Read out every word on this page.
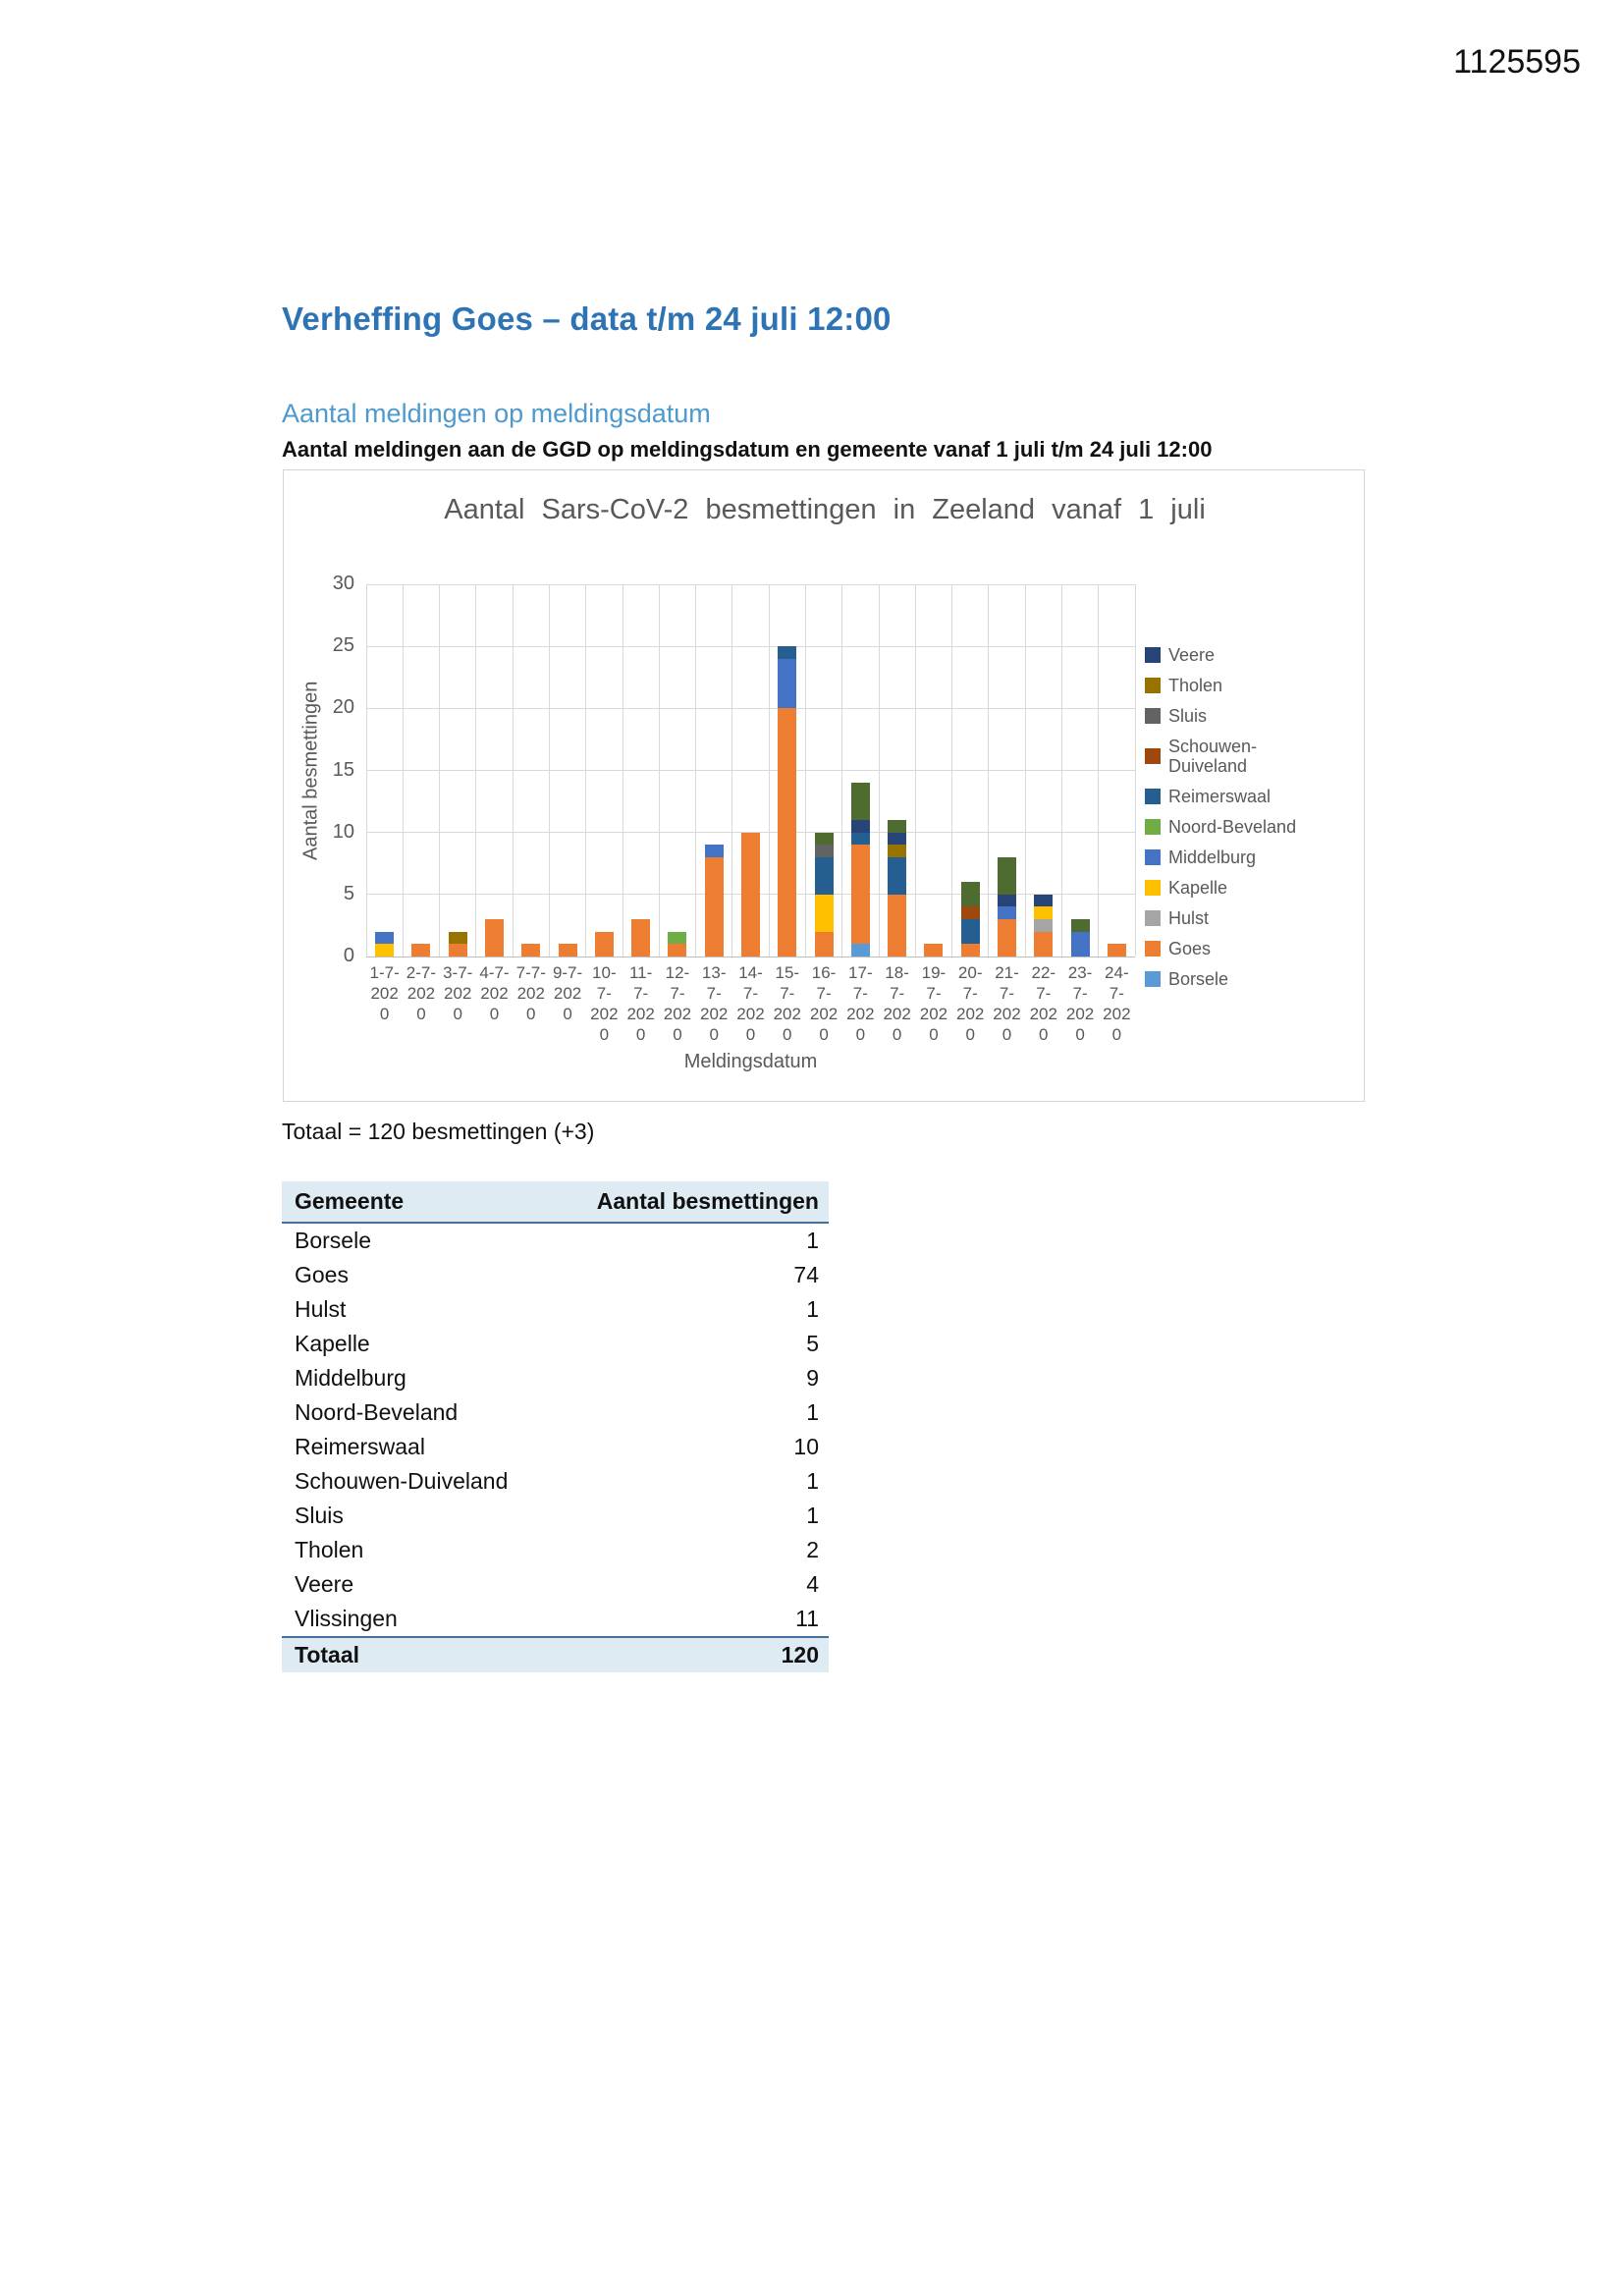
1125595
Verheffing Goes – data t/m 24 juli 12:00
Aantal meldingen op meldingsdatum
Aantal meldingen aan de GGD op meldingsdatum en gemeente vanaf 1 juli t/m 24 juli 12:00
Aantal Sars-CoV-2 besmettingen in Zeeland vanaf 1 juli
Aantal besmettingen
1-7-
202
0
2-7-
202
0
3-7-
202
0
4-7-
202
0
7-7-
202
0
9-7-
202
0
10-
7-
202
0
11-
7-
202
0
12-
7-
202
0
13-
7-
202
0
14-
7-
202
0
15-
7-
202
0
16-
7-
202
0
17-
7-
202
0
18-
7-
202
0
19-
7-
202
0
20-
7-
202
0
21-
7-
202
0
22-
7-
202
0
23-
7-
202
0
24-
7-
202
0
Meldingsdatum
Veere
Tholen
Sluis
Schouwen-Duiveland
Reimerswaal
Noord-Beveland
Middelburg
Kapelle
Hulst
Goes
Borsele
0
5
10
15
20
25
30
Totaal = 120 besmettingen (+3)
Gemeente	Aantal besmettingen
Borsele	1
Goes	74
Hulst	1
Kapelle	5
Middelburg	9
Noord-Beveland	1
Reimerswaal	10
Schouwen-Duiveland	1
Sluis	1
Tholen	2
Veere	4
Vlissingen	11
Totaal	120
